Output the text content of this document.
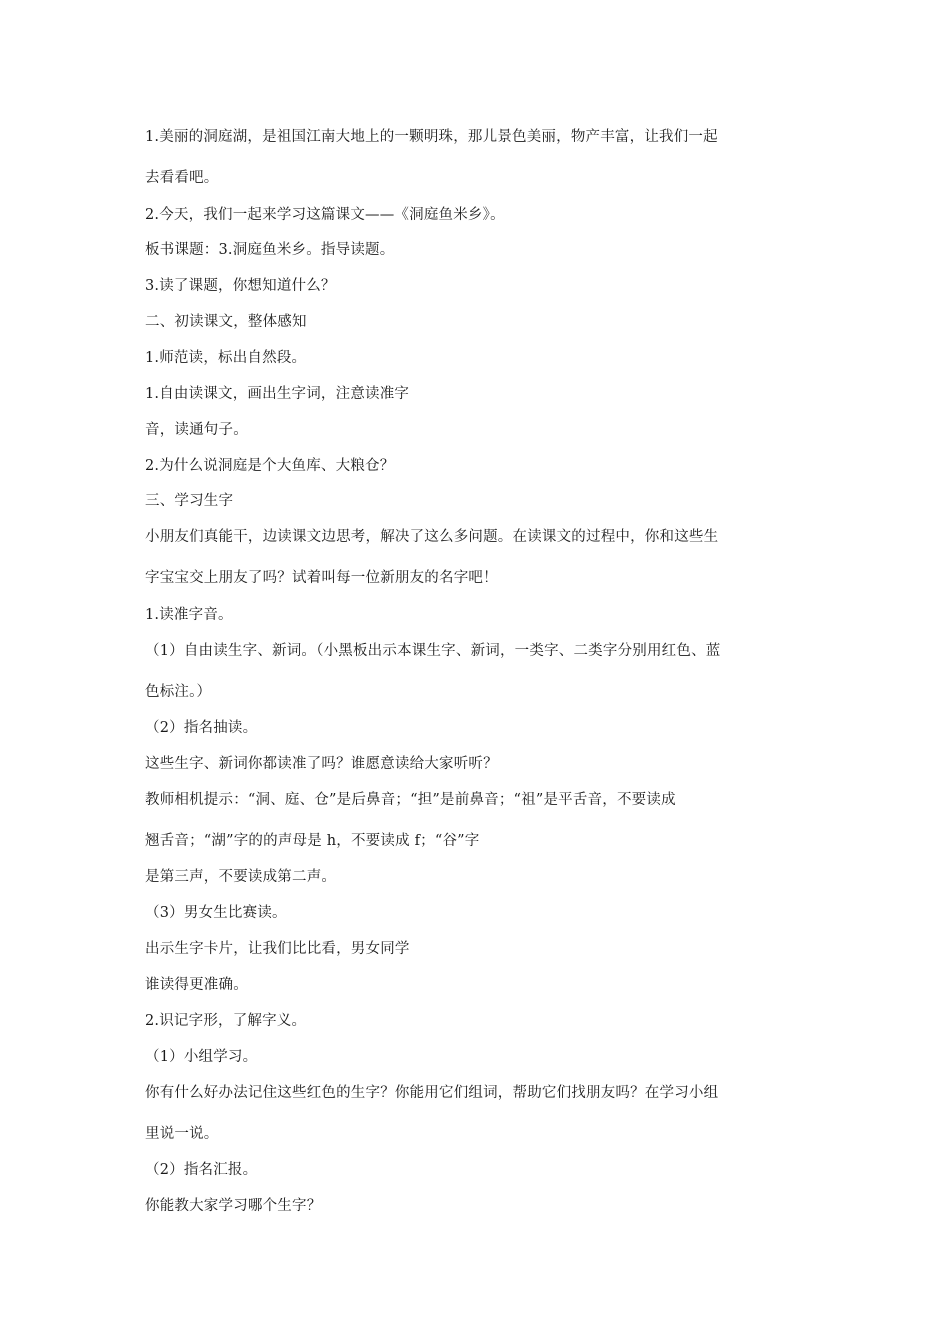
1.美丽的洞庭湖，是祖国江南大地上的一颗明珠，那儿景色美丽，物产丰富，让我们一起
去看看吧。
2.今天，我们一起来学习这篇课文——《洞庭鱼米乡》。
板书课题：3.洞庭鱼米乡。指导读题。
3.读了课题，你想知道什么？
二、初读课文，整体感知
1.师范读，标出自然段。
1.自由读课文，画出生字词，注意读准字
音，读通句子。
2.为什么说洞庭是个大鱼库、大粮仓？
三、学习生字
小朋友们真能干，边读课文边思考，解决了这么多问题。在读课文的过程中，你和这些生
字宝宝交上朋友了吗？试着叫每一位新朋友的名字吧！
1.读准字音。
（1）自由读生字、新词。（小黑板出示本课生字、新词，一类字、二类字分别用红色、蓝
色标注。）
（2）指名抽读。
这些生字、新词你都读准了吗？谁愿意读给大家听听？
教师相机提示：“洞、庭、仓”是后鼻音；“担”是前鼻音；“祖”是平舌音，不要读成
翘舌音；“湖”字的的声母是 h，不要读成 f；“谷”字
是第三声，不要读成第二声。
（3）男女生比赛读。
出示生字卡片，让我们比比看，男女同学
谁读得更准确。
2.识记字形，了解字义。
（1）小组学习。
你有什么好办法记住这些红色的生字？你能用它们组词，帮助它们找朋友吗？在学习小组
里说一说。
（2）指名汇报。
你能教大家学习哪个生字？
